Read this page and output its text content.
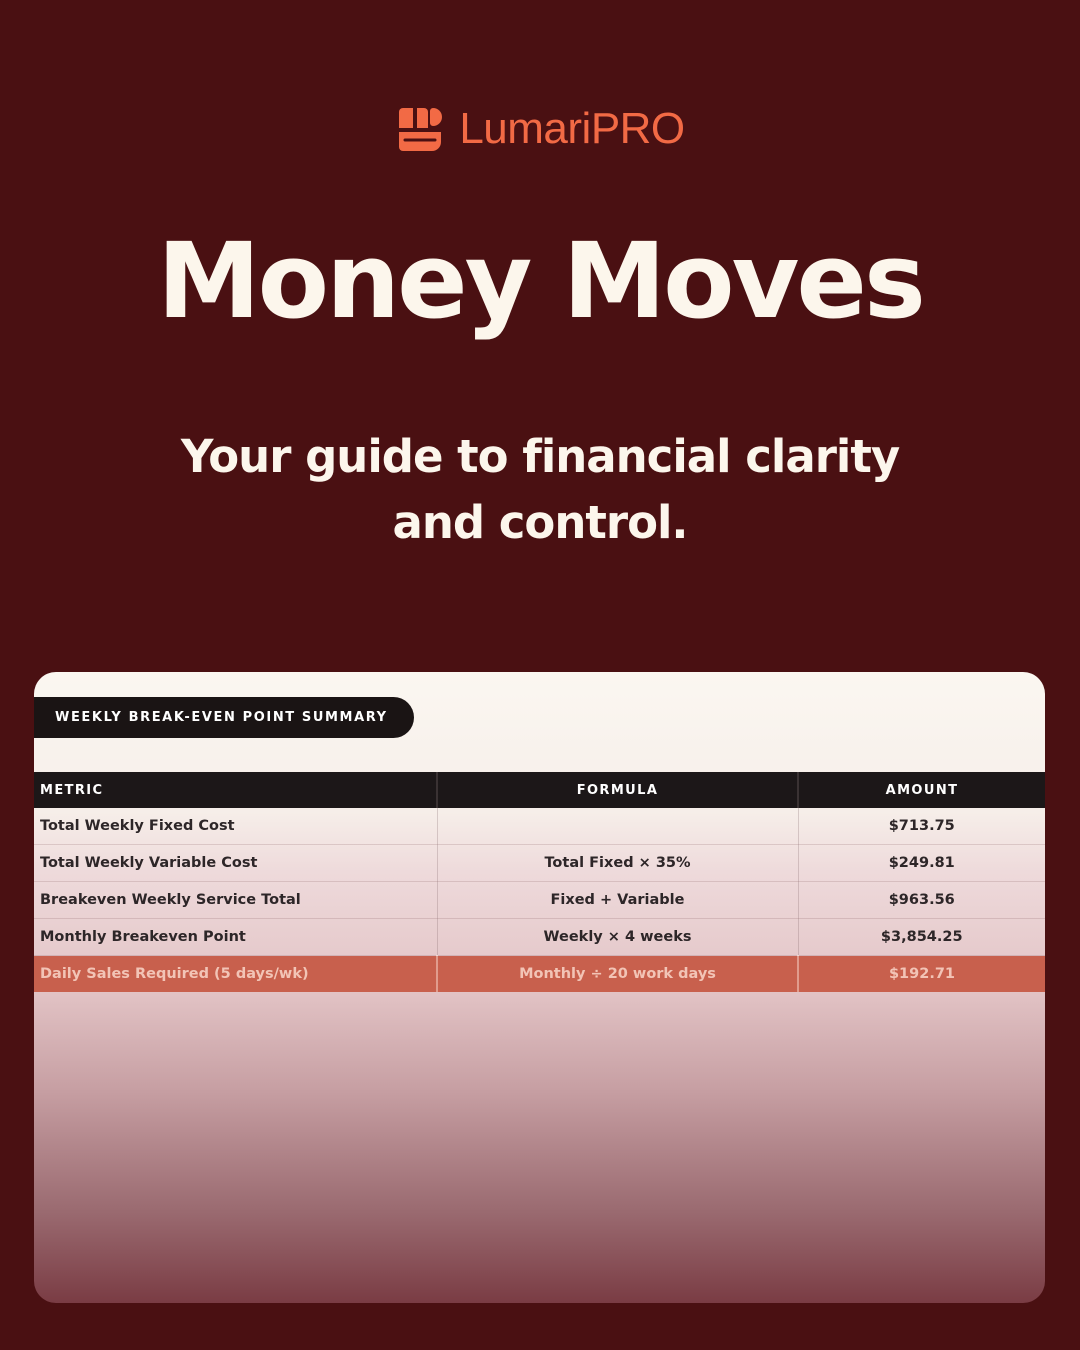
LumariPRO
Money Moves

Your guide to financial clarity
and control.

WEEKLY BREAK-EVEN POINT SUMMARY
METRIC	FORMULA	AMOUNT
Total Weekly Fixed Cost		$713.75
Total Weekly Variable Cost	Total Fixed × 35%	$249.81
Breakeven Weekly Service Total	Fixed + Variable	$963.56
Monthly Breakeven Point	Weekly × 4 weeks	$3,854.25
Daily Sales Required (5 days/wk)	Monthly ÷ 20 work days	$192.71
